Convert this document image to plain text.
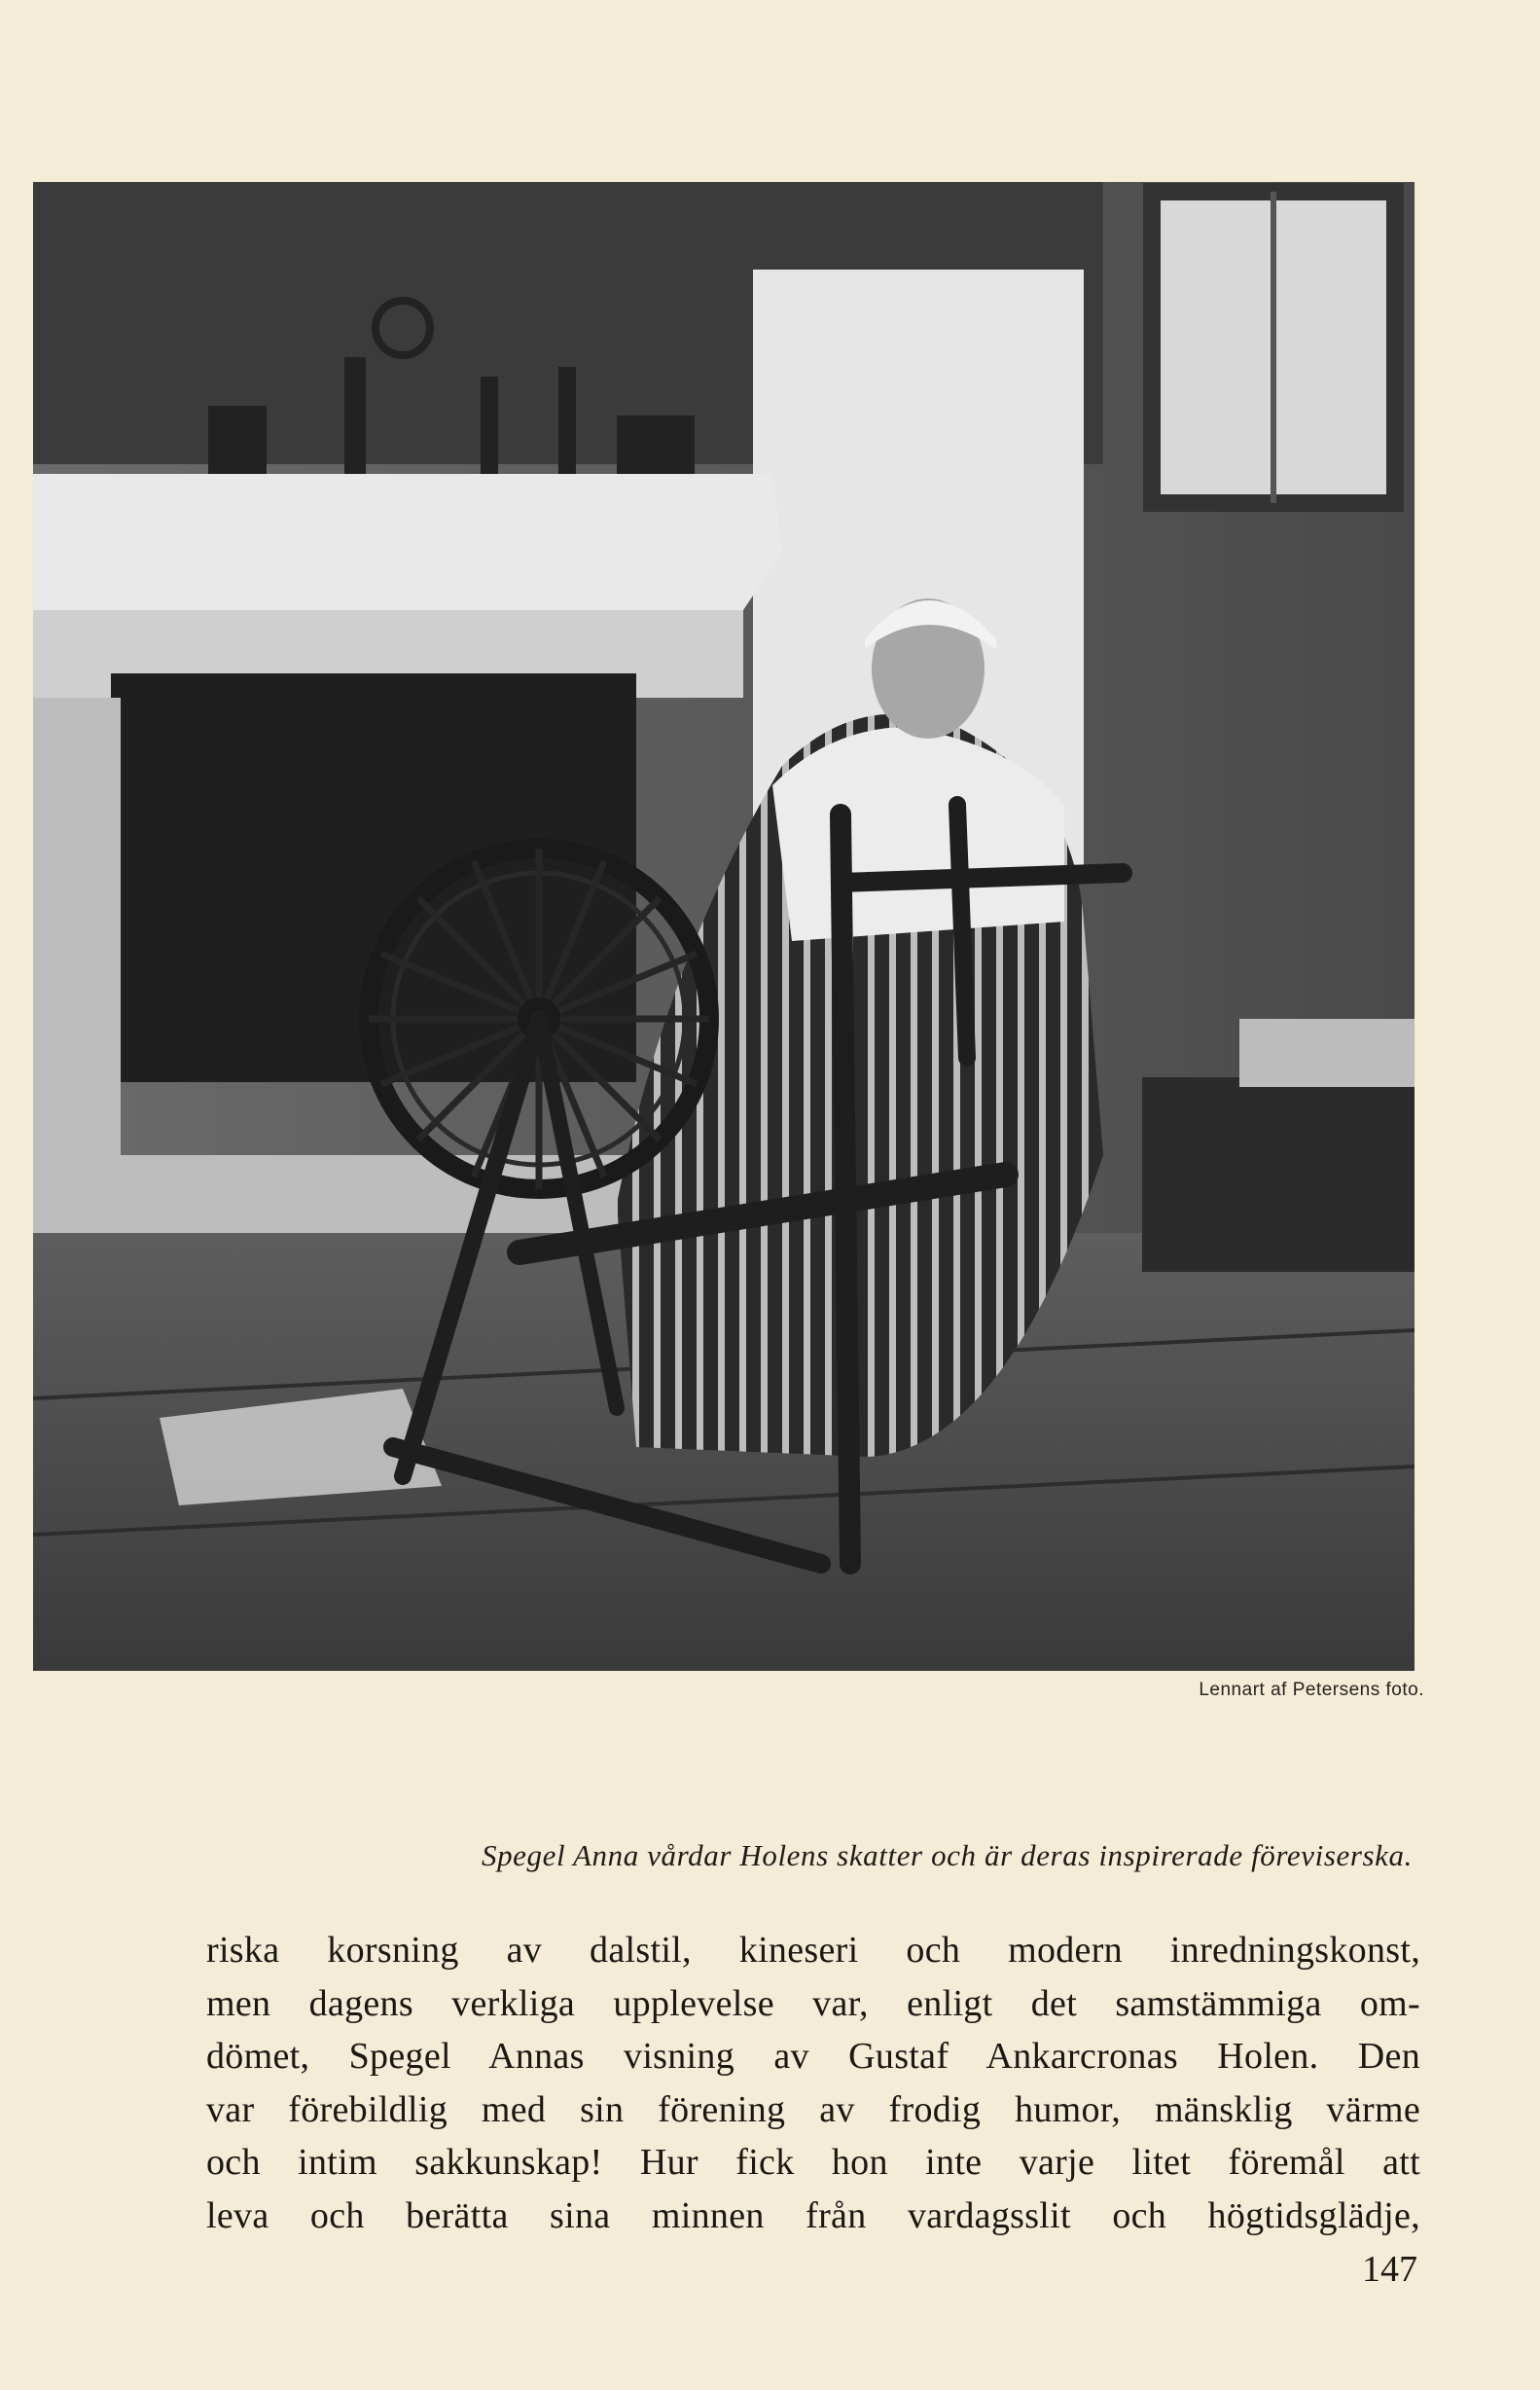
Lennart af Petersens foto.
Spegel Anna vårdar Holens skatter och är deras inspirerade föreviserska.
riska korsning av dalstil, kineseri och modern inredningskonst,
men dagens verkliga upplevelse var, enligt det samstämmiga om-
dömet, Spegel Annas visning av Gustaf Ankarcronas Holen. Den
var förebildlig med sin förening av frodig humor, mänsklig värme
och intim sakkunskap! Hur fick hon inte varje litet föremål att
leva och berätta sina minnen från vardagsslit och högtidsglädje,
147
